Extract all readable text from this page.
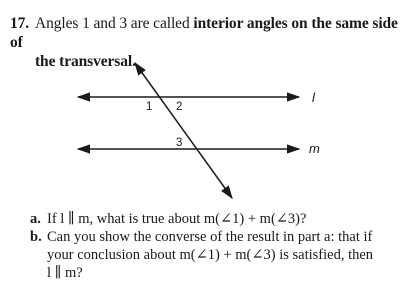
17. Angles 1 and 3 are called interior angles on the same side of
the transversal.
1 2
3
l
m
a. If l ∥ m, what is true about m(∠1) + m(∠3)?
b. Can you show the converse of the result in part a: that if
your conclusion about m(∠1) + m(∠3) is satisfied, then
l ∥ m?
